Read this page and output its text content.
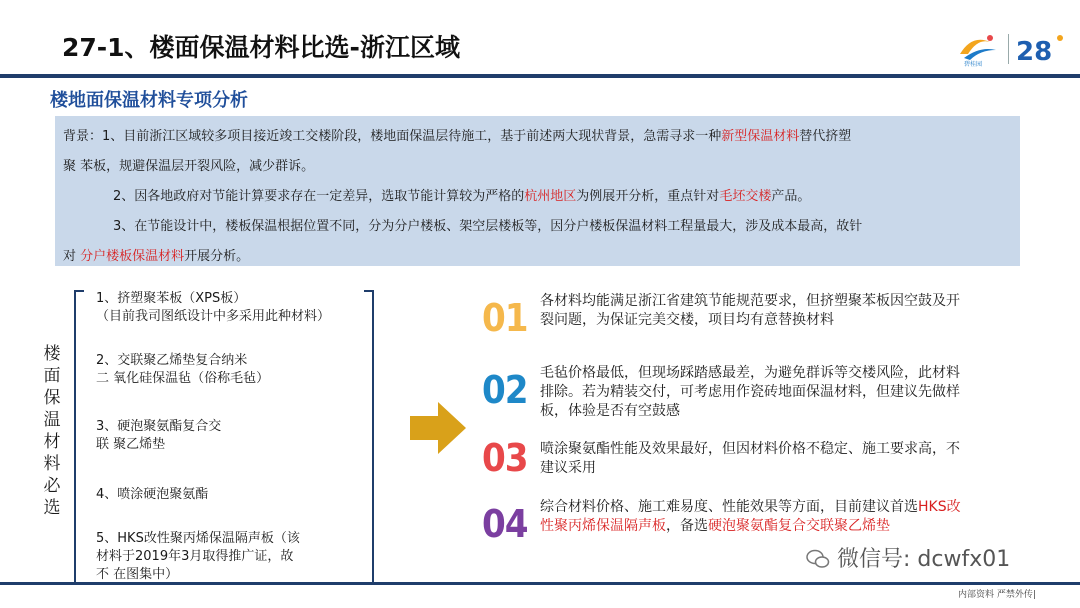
27-1、楼面保温材料比选-浙江区域
碧桂园 28
楼地面保温材料专项分析

背景：1、目前浙江区域较多项目接近竣工交楼阶段，楼地面保温层待施工，基于前述两大现状背景，急需寻求一种新型保温材料替代挤塑

聚 苯板，规避保温层开裂风险，减少群诉。

2、因各地政府对节能计算要求存在一定差异，选取节能计算较为严格的杭州地区为例展开分析，重点针对毛坯交楼产品。

3、在节能设计中，楼板保温根据位置不同，分为分户楼板、架空层楼板等，因分户楼板保温材料工程量最大，涉及成本最高，故针

对 分户楼板保温材料开展分析。

楼面保温材料必选
1、挤塑聚苯板（XPS板）
（目前我司图纸设计中多采用此种材料）
2、交联聚乙烯垫复合纳米
二 氧化硅保温毡（俗称毛毡）
3、硬泡聚氨酯复合交
联 聚乙烯垫
4、喷涂硬泡聚氨酯
5、HKS改性聚丙烯保温隔声板（该
材料于2019年3月取得推广证，故
不 在图集中）
01 各材料均能满足浙江省建筑节能规范要求，但挤塑聚苯板因空鼓及开裂问题，为保证完美交楼，项目均有意替换材料
02 毛毡价格最低，但现场踩踏感最差，为避免群诉等交楼风险，此材料排除。若为精装交付，可考虑用作瓷砖地面保温材料，但建议先做样板，体验是否有空鼓感
03 喷涂聚氨酯性能及效果最好，但因材料价格不稳定、施工要求高，不建议采用
04 综合材料价格、施工难易度、性能效果等方面，目前建议首选HKS改性聚丙烯保温隔声板，备选硬泡聚氨酯复合交联聚乙烯垫
微信号: dcwfx01
内部资料 严禁外传|
